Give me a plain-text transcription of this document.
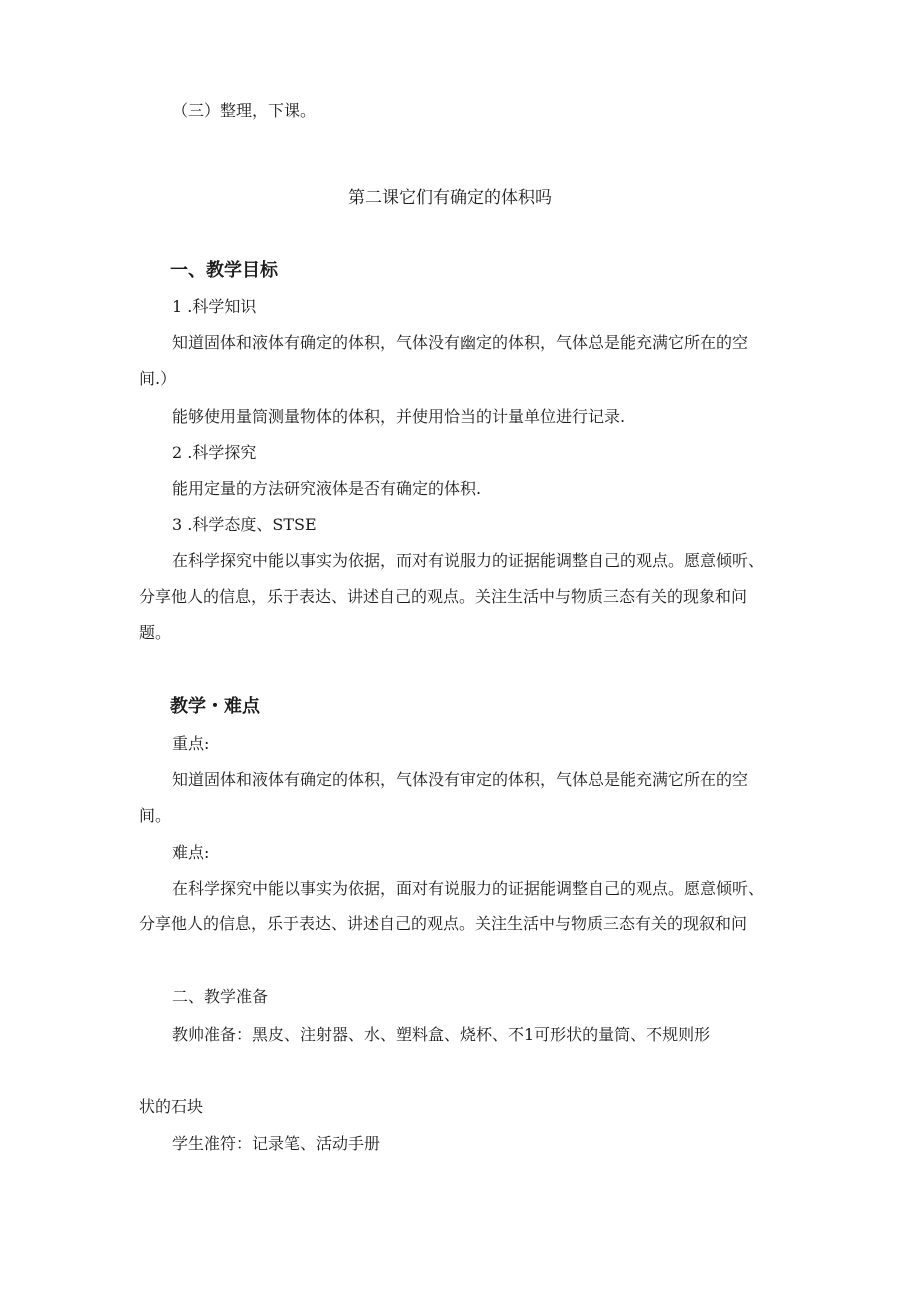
（三）整理，下课。
第二课它们有确定的体积吗
一、教学目标
1 .科学知识
知道固体和液体有确定的体积，气体没有幽定的体积，气体总是能充满它所在的空
间.）
能够使用量筒测量物体的体积，并使用恰当的计量单位进行记录.
2 .科学探究
能用定量的方法研究液体是否有确定的体积.
3 .科学态度、STSE
在科学探究中能以事实为依据，而对有说服力的证据能调整自己的观点。愿意倾听、
分享他人的信息，乐于表达、讲述自己的观点。关注生活中与物质三态有关的现象和问
题。
教学・难点
重点:
知道固体和液体有确定的体积，气体没有审定的体积，气体总是能充满它所在的空
间。
难点:
在科学探究中能以事实为依据，面对有说服力的证据能调整自己的观点。愿意倾听、
分享他人的信息，乐于表达、讲述自己的观点。关注生活中与物质三态有关的现叙和问
二、教学准备
教帅准备：黑皮、注射器、水、塑料盒、烧杯、不1可形状的量筒、不规则形
状的石块
学生准符：记录笔、活动手册
